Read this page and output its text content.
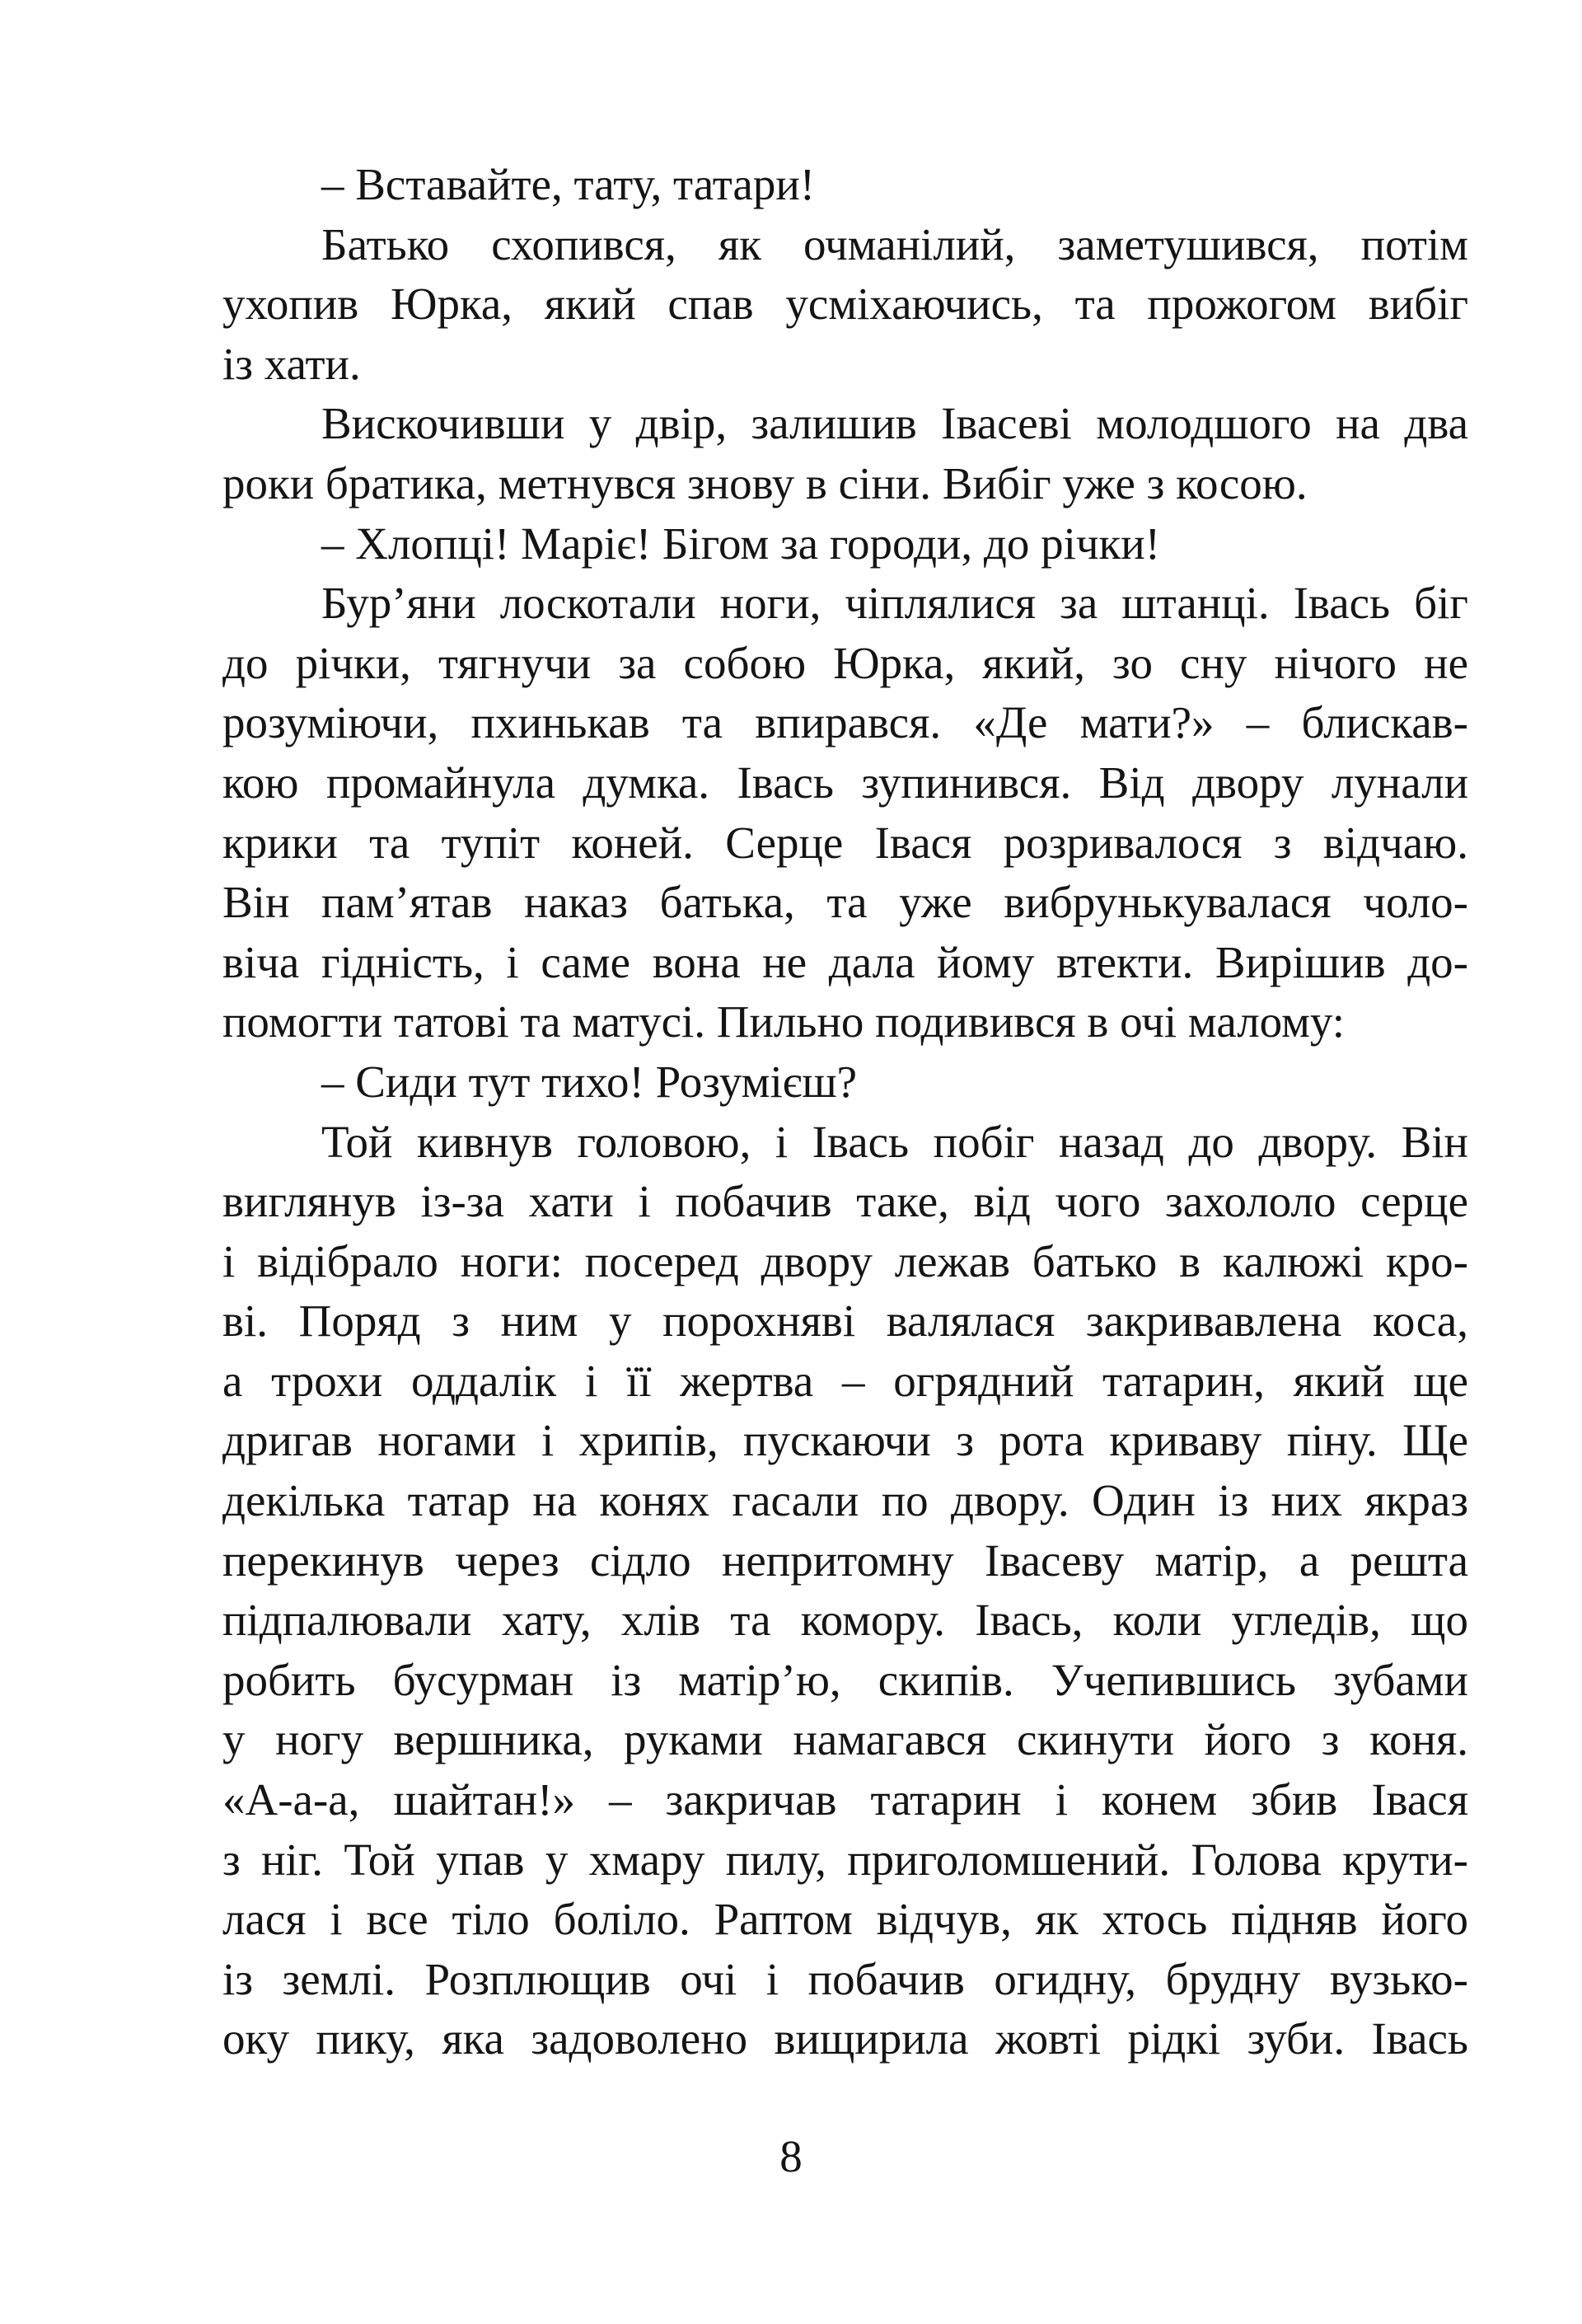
– Вставайте, тату, татари!
Батько схопився, як очманілий, заметушився, потім
ухопив Юрка, який спав усміхаючись, та прожогом вибіг
із хати.
Вискочивши у двір, залишив Івасеві молодшого на два
роки братика, метнувся знову в сіни. Вибіг уже з косою.
– Хлопці! Маріє! Бігом за городи, до річки!
Бур’яни лоскотали ноги, чіплялися за штанці. Івась біг
до річки, тягнучи за собою Юрка, який, зо сну нічого не
розуміючи, пхинькав та впирався. «Де мати?» – блискав-
кою промайнула думка. Івась зупинився. Від двору лунали
крики та тупіт коней. Серце Івася розривалося з відчаю.
Він пам’ятав наказ батька, та уже вибрунькувалася чоло-
віча гідність, і саме вона не дала йому втекти. Вирішив до-
помогти татові та матусі. Пильно подивився в очі малому:
– Сиди тут тихо! Розумієш?
Той кивнув головою, і Івась побіг назад до двору. Він
виглянув із-за хати і побачив таке, від чого захололо серце
і відібрало ноги: посеред двору лежав батько в калюжі кро-
ві. Поряд з ним у порохняві валялася закривавлена коса,
а трохи оддалік і її жертва – огрядний татарин, який ще
дригав ногами і хрипів, пускаючи з рота криваву піну. Ще
декілька татар на конях гасали по двору. Один із них якраз
перекинув через сідло непритомну Івасеву матір, а решта
підпалювали хату, хлів та комору. Івась, коли угледів, що
робить бусурман із матір’ю, скипів. Учепившись зубами
у ногу вершника, руками намагався скинути його з коня.
«А-а-а, шайтан!» – закричав татарин і конем збив Івася
з ніг. Той упав у хмару пилу, приголомшений. Голова крути-
лася і все тіло боліло. Раптом відчув, як хтось підняв його
із землі. Розплющив очі і побачив огидну, брудну вузько-
оку пику, яка задоволено вищирила жовті рідкі зуби. Івась
8
